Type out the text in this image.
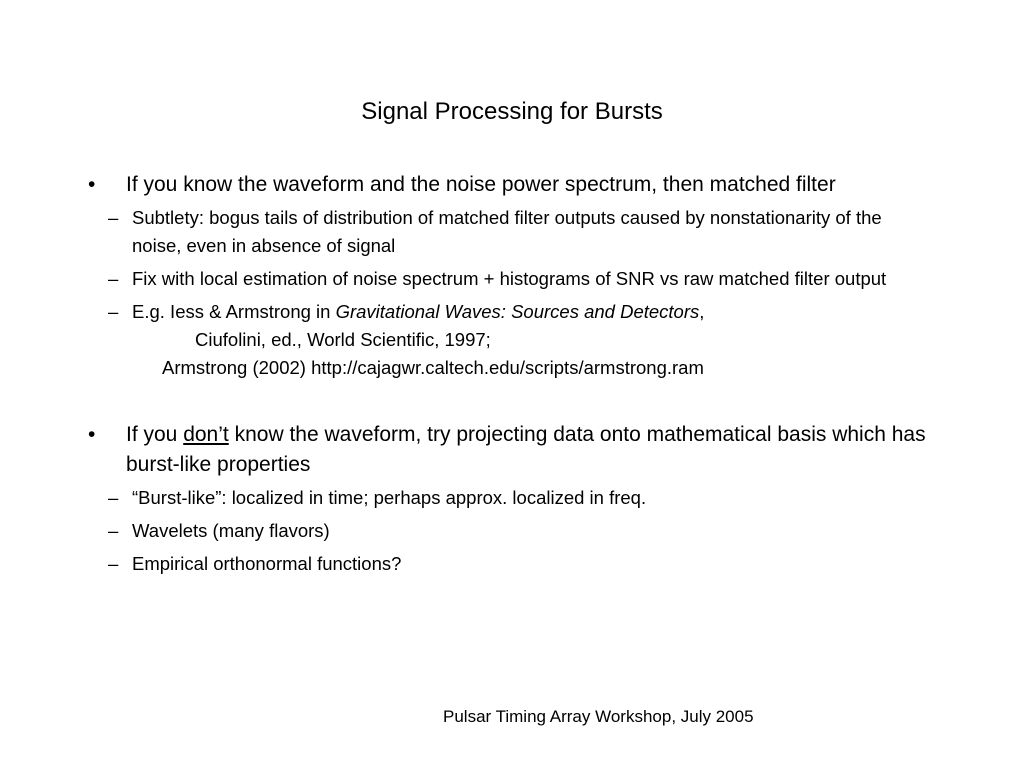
Signal Processing for Bursts
• If you know the waveform and the noise power spectrum, then matched filter
– Subtlety: bogus tails of distribution of matched filter outputs caused by nonstationarity of the noise, even in absence of signal
– Fix with local estimation of noise spectrum + histograms of SNR vs raw matched filter output
– E.g. Iess & Armstrong in Gravitational Waves: Sources and Detectors,
Ciufolini, ed., World Scientific, 1997;
Armstrong (2002) http://cajagwr.caltech.edu/scripts/armstrong.ram
• If you don’t know the waveform, try projecting data onto mathematical basis which has burst-like properties
– “Burst-like”: localized in time; perhaps approx. localized in freq.
– Wavelets (many flavors)
– Empirical orthonormal functions?
Pulsar Timing Array Workshop, July 2005
